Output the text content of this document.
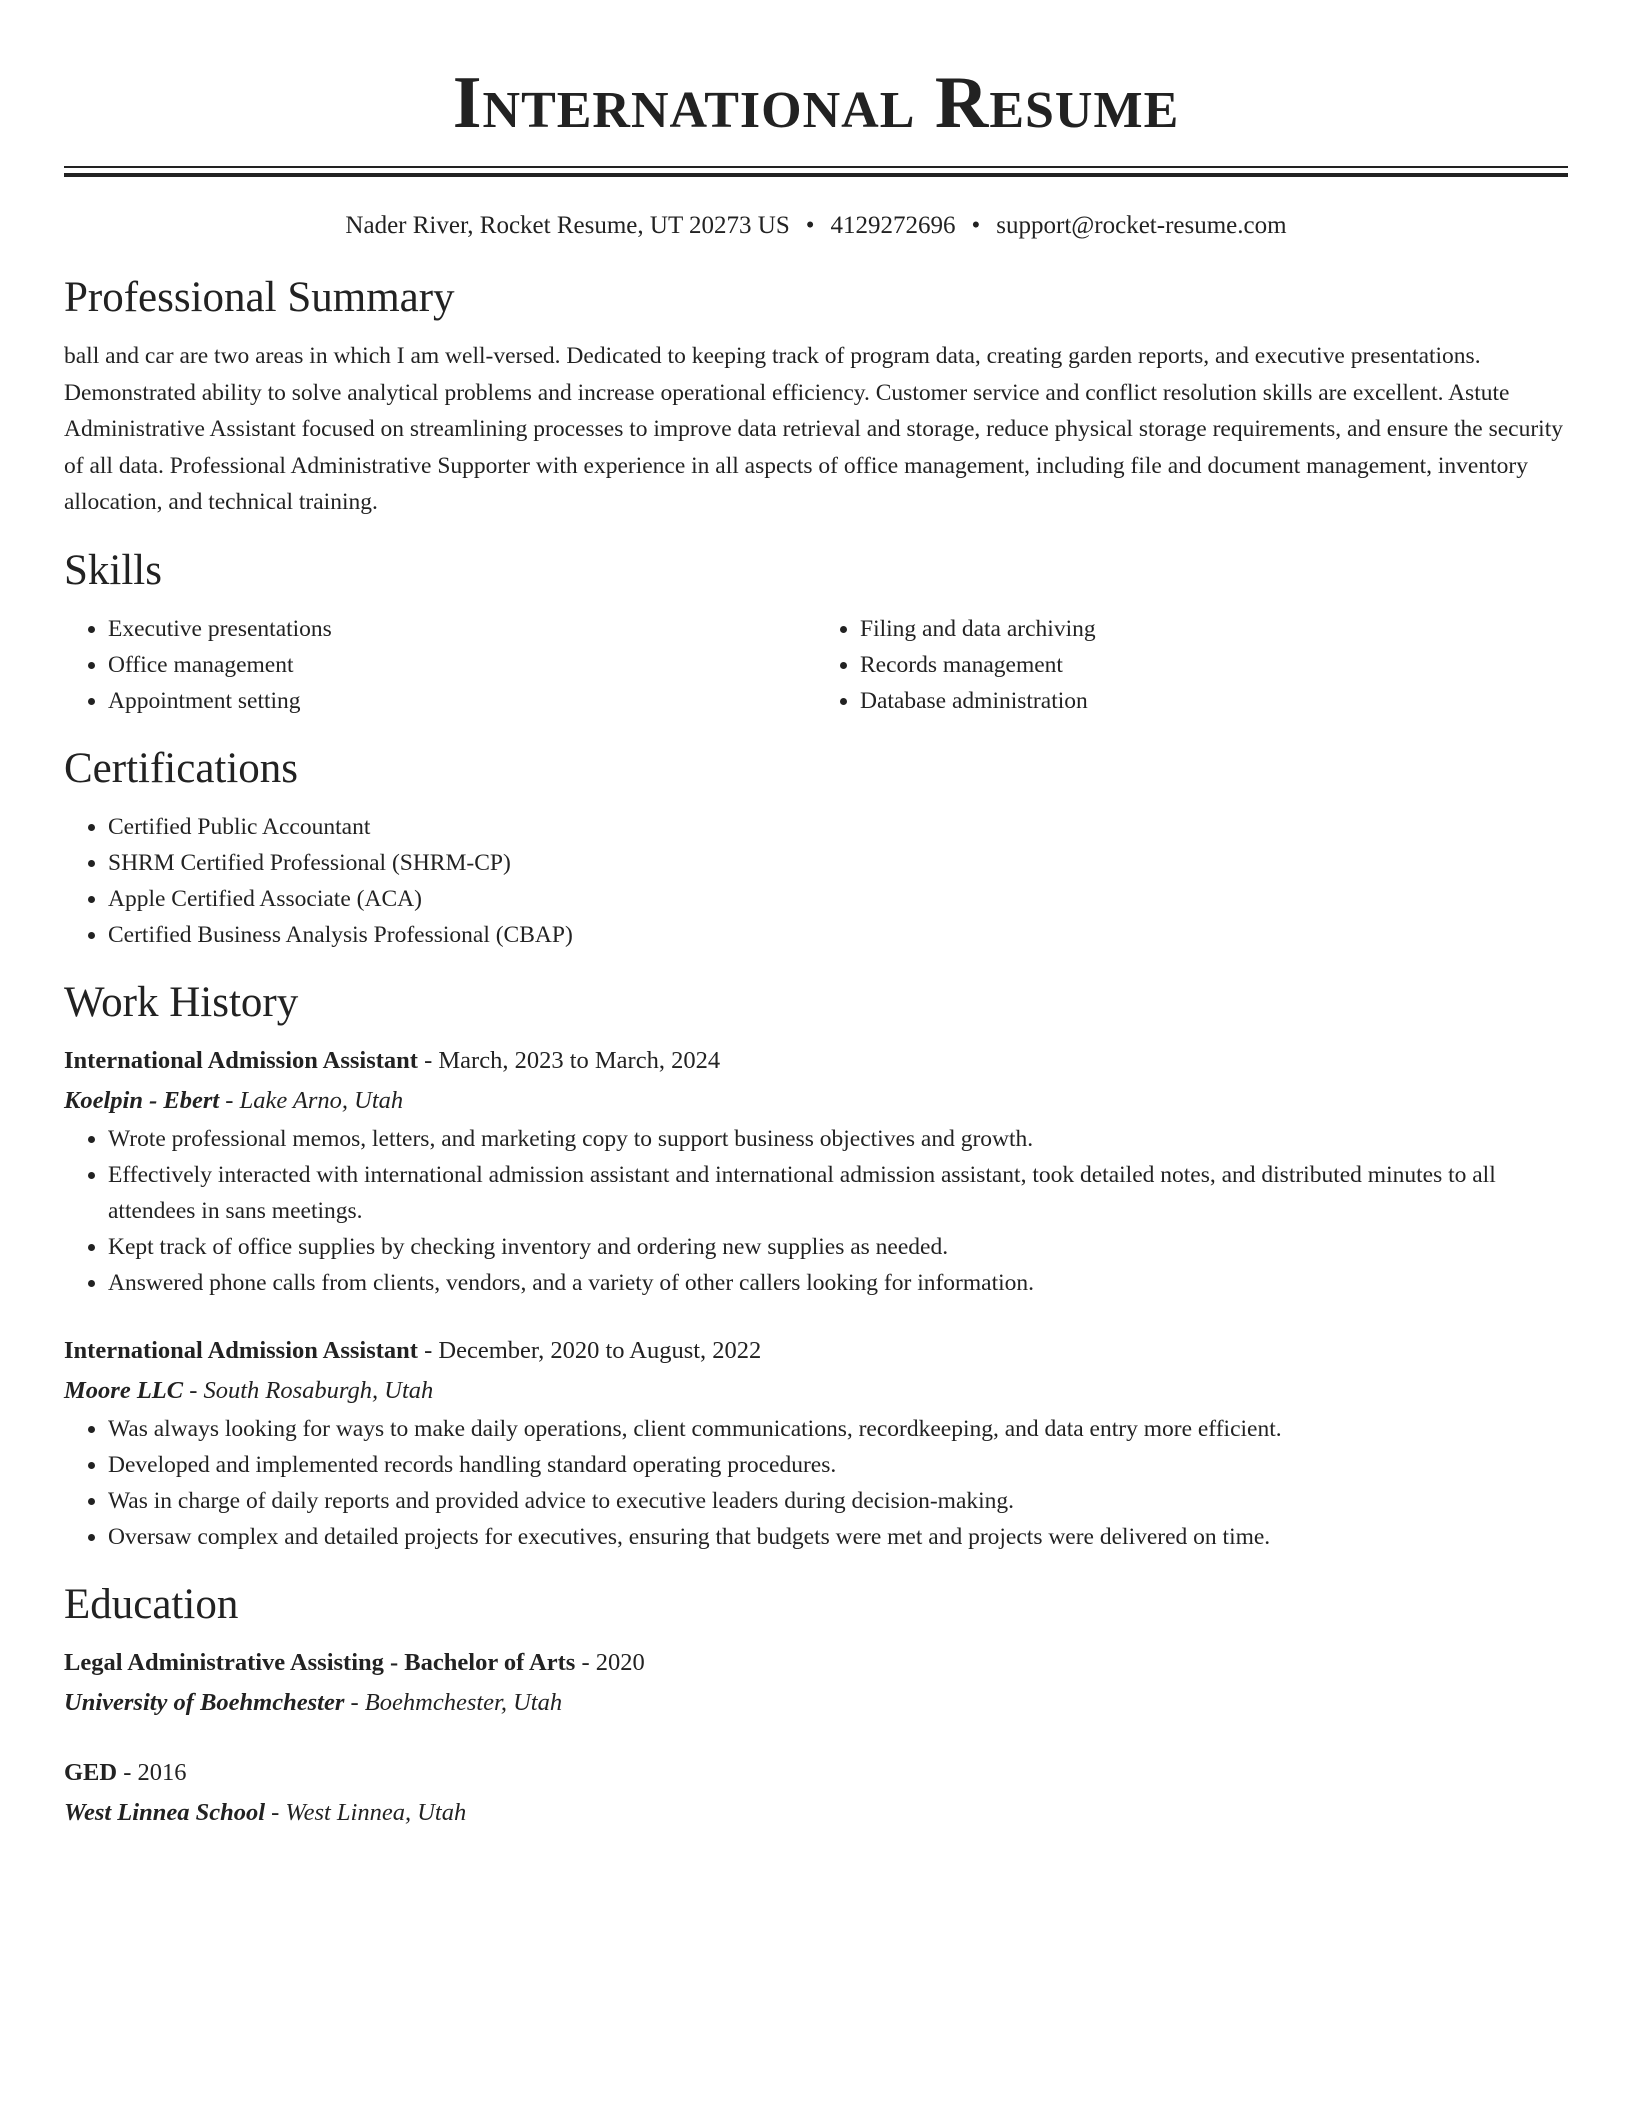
International Resume
Nader River, Rocket Resume, UT 20273 US • 4129272696 • support@rocket-resume.com
Professional Summary

ball and car are two areas in which I am well-versed. Dedicated to keeping track of program data, creating garden reports, and executive presentations. Demonstrated ability to solve analytical problems and increase operational efficiency. Customer service and conflict resolution skills are excellent. Astute Administrative Assistant focused on streamlining processes to improve data retrieval and storage, reduce physical storage requirements, and ensure the security of all data. Professional Administrative Supporter with experience in all aspects of office management, including file and document management, inventory allocation, and technical training.

Skills
• Executive presentations
• Office management
• Appointment setting
• Filing and data archiving
• Records management
• Database administration
Certifications
• Certified Public Accountant
• SHRM Certified Professional (SHRM-CP)
• Apple Certified Associate (ACA)
• Certified Business Analysis Professional (CBAP)
Work History
International Admission Assistant - March, 2023 to March, 2024
Koelpin - Ebert - Lake Arno, Utah
• Wrote professional memos, letters, and marketing copy to support business objectives and growth.
• Effectively interacted with international admission assistant and international admission assistant, took detailed notes, and distributed minutes to all attendees in sans meetings.
• Kept track of office supplies by checking inventory and ordering new supplies as needed.
• Answered phone calls from clients, vendors, and a variety of other callers looking for information.
International Admission Assistant - December, 2020 to August, 2022
Moore LLC - South Rosaburgh, Utah
• Was always looking for ways to make daily operations, client communications, recordkeeping, and data entry more efficient.
• Developed and implemented records handling standard operating procedures.
• Was in charge of daily reports and provided advice to executive leaders during decision-making.
• Oversaw complex and detailed projects for executives, ensuring that budgets were met and projects were delivered on time.
Education
Legal Administrative Assisting - Bachelor of Arts - 2020
University of Boehmchester - Boehmchester, Utah
GED - 2016
West Linnea School - West Linnea, Utah
